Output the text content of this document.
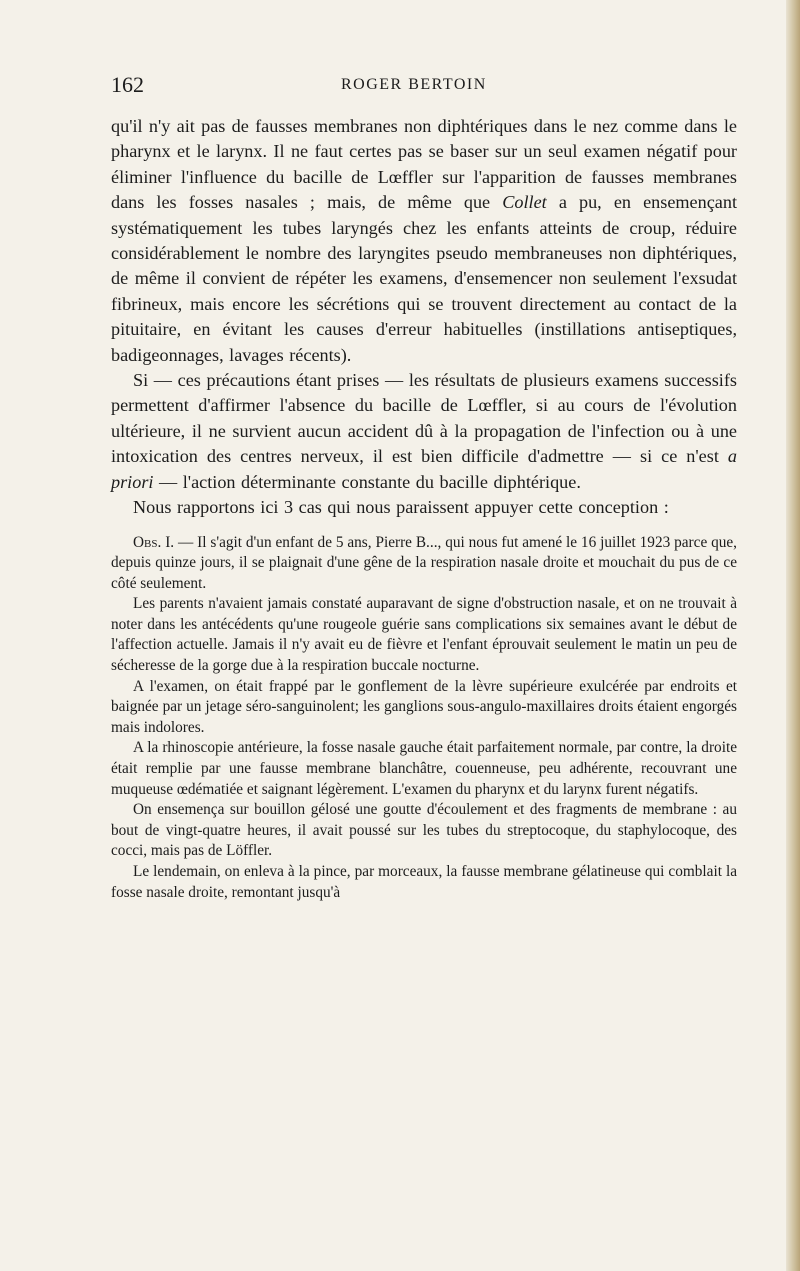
162	ROGER BERTOIN

qu'il n'y ait pas de fausses membranes non diphtériques dans le nez comme dans le pharynx et le larynx. Il ne faut certes pas se baser sur un seul examen négatif pour éliminer l'influence du bacille de Lœffler sur l'apparition de fausses membranes dans les fosses nasales ; mais, de même que Collet a pu, en ensemençant systématiquement les tubes laryngés chez les enfants atteints de croup, réduire considérablement le nombre des laryngites pseudo membraneuses non diphtériques, de même il convient de répéter les examens, d'ensemencer non seulement l'exsudat fibrineux, mais encore les sécrétions qui se trouvent directement au contact de la pituitaire, en évitant les causes d'erreur habituelles (instillations antiseptiques, badigeonnages, lavages récents).

Si — ces précautions étant prises — les résultats de plusieurs examens successifs permettent d'affirmer l'absence du bacille de Lœffler, si au cours de l'évolution ultérieure, il ne survient aucun accident dû à la propagation de l'infection ou à une intoxication des centres nerveux, il est bien difficile d'admettre — si ce n'est a priori — l'action déterminante constante du bacille diphtérique.

Nous rapportons ici 3 cas qui nous paraissent appuyer cette conception :

Obs. I. — Il s'agit d'un enfant de 5 ans, Pierre B..., qui nous fut amené le 16 juillet 1923 parce que, depuis quinze jours, il se plaignait d'une gêne de la respiration nasale droite et mouchait du pus de ce côté seulement.

Les parents n'avaient jamais constaté auparavant de signe d'obstruction nasale, et on ne trouvait à noter dans les antécédents qu'une rougeole guérie sans complications six semaines avant le début de l'affection actuelle. Jamais il n'y avait eu de fièvre et l'enfant éprouvait seulement le matin un peu de sécheresse de la gorge due à la respiration buccale nocturne.

A l'examen, on était frappé par le gonflement de la lèvre supérieure exulcérée par endroits et baignée par un jetage séro-sanguinolent; les ganglions sous-angulo-maxillaires droits étaient engorgés mais indolores.

A la rhinoscopie antérieure, la fosse nasale gauche était parfaitement normale, par contre, la droite était remplie par une fausse membrane blanchâtre, couenneuse, peu adhérente, recouvrant une muqueuse œdématiée et saignant légèrement. L'examen du pharynx et du larynx furent négatifs.

On ensemença sur bouillon gélosé une goutte d'écoulement et des fragments de membrane : au bout de vingt-quatre heures, il avait poussé sur les tubes du streptocoque, du staphylocoque, des cocci, mais pas de Löffler.

Le lendemain, on enleva à la pince, par morceaux, la fausse membrane gélatineuse qui comblait la fosse nasale droite, remontant jusqu'à
